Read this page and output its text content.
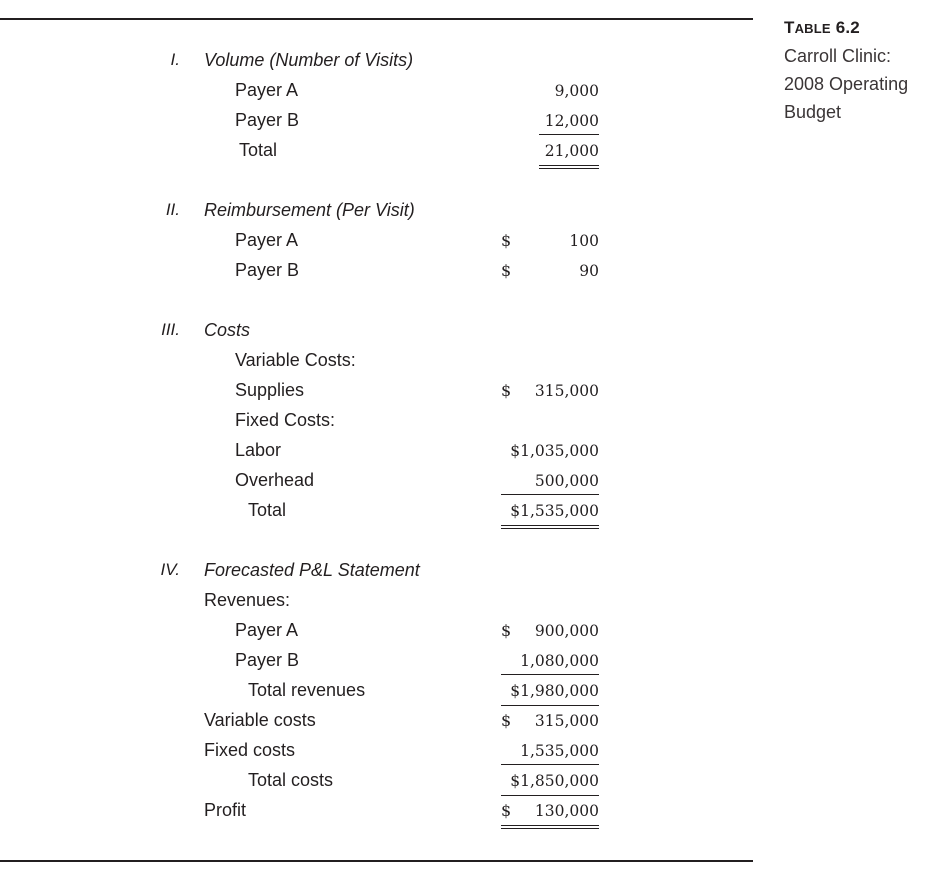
TABLE 6.2
Carroll Clinic:
2008 Operating
Budget
I. Volume (Number of Visits)
Payer A	9,000
Payer B	12,000
Total	21,000
II. Reimbursement (Per Visit)
Payer A	$	100
Payer B	$	90
III. Costs
Variable Costs:
Supplies	$ 315,000
Fixed Costs:
Labor	$1,035,000
Overhead	500,000
Total	$1,535,000
IV. Forecasted P&L Statement
Revenues:
Payer A	$ 900,000
Payer B	1,080,000
Total revenues	$1,980,000
Variable costs	$ 315,000
Fixed costs	1,535,000
Total costs	$1,850,000
Profit	$ 130,000
